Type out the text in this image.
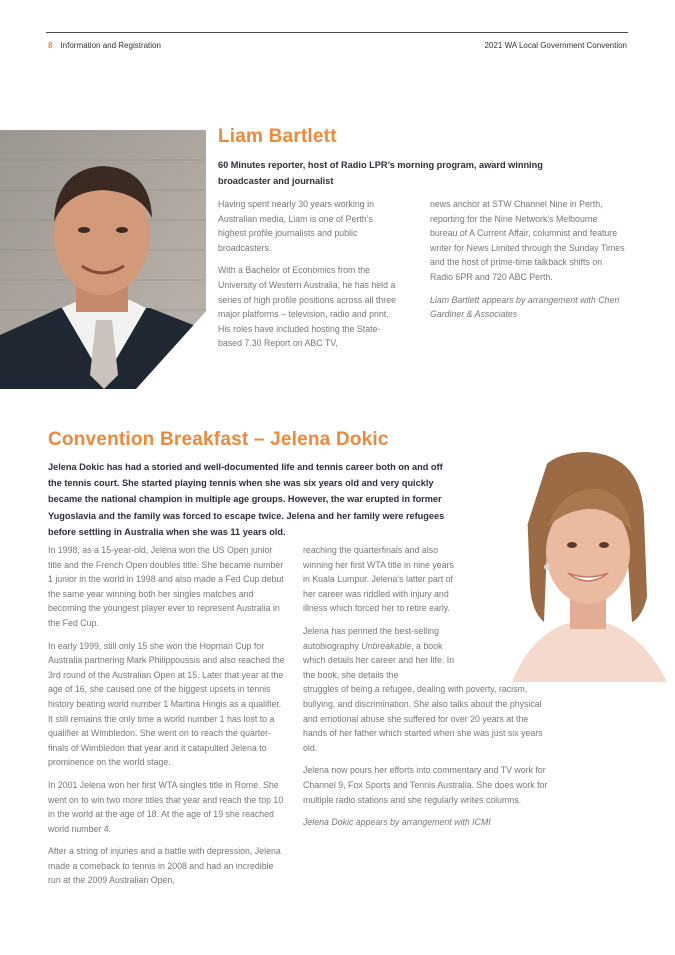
8 Information and Registration	2021 WA Local Government Convention
Liam Bartlett

60 Minutes reporter, host of Radio LPR’s morning program, award winning broadcaster and journalist

Having spent nearly 30 years working in Australian media, Liam is one of Perth’s highest profile journalists and public broadcasters.

With a Bachelor of Economics from the University of Western Australia, he has held a series of high profile positions across all three major platforms – television, radio and print. His roles have included hosting the State-based 7.30 Report on ABC TV,

news anchor at STW Channel Nine in Perth, reporting for the Nine Network’s Melbourne bureau of A Current Affair, columnist and feature writer for News Limited through the Sunday Times and the host of prime-time talkback shifts on Radio 6PR and 720 ABC Perth.

Liam Bartlett appears by arrangement with Cheri Gardiner & Associates

Convention Breakfast – Jelena Dokic

Jelena Dokic has had a storied and well-documented life and tennis career both on and off the tennis court. She started playing tennis when she was six years old and very quickly became the national champion in multiple age groups. However, the war erupted in former Yugoslavia and the family was forced to escape twice. Jelena and her family were refugees before settling in Australia when she was 11 years old.

In 1998, as a 15-year-old, Jelena won the US Open junior title and the French Open doubles title. She became number 1 junior in the world in 1998 and also made a Fed Cup debut the same year winning both her singles matches and becoming the youngest player ever to represent Australia in the Fed Cup.

In early 1999, still only 15 she won the Hopman Cup for Australia partnering Mark Philippoussis and also reached the 3rd round of the Australian Open at 15. Later that year at the age of 16, she caused one of the biggest upsets in tennis history beating world number 1 Martina Hingis as a qualifier. It still remains the only time a world number 1 has lost to a qualifier at Wimbledon. She went on to reach the quarter-finals of Wimbledon that year and it catapulted Jelena to prominence on the world stage.

In 2001 Jelena won her first WTA singles title in Rome. She went on to win two more titles that year and reach the top 10 in the world at the age of 18. At the age of 19 she reached world number 4.

After a string of injuries and a battle with depression, Jelena made a comeback to tennis in 2008 and had an incredible run at the 2009 Australian Open,

reaching the quarterfinals and also winning her first WTA title in nine years in Kuala Lumpur. Jelena’s latter part of her career was riddled with injury and illness which forced her to retire early.

Jelena has penned the best-selling autobiography Unbreakable, a book which details her career and her life. In the book, she details the
struggles of being a refugee, dealing with poverty, racism, bullying, and discrimination. She also talks about the physical and emotional abuse she suffered for over 20 years at the hands of her father which started when she was just six years old.

Jelena now pours her efforts into commentary and TV work for Channel 9, Fox Sports and Tennis Australia. She does work for multiple radio stations and she regularly writes columns.

Jelena Dokic appears by arrangement with ICMI
